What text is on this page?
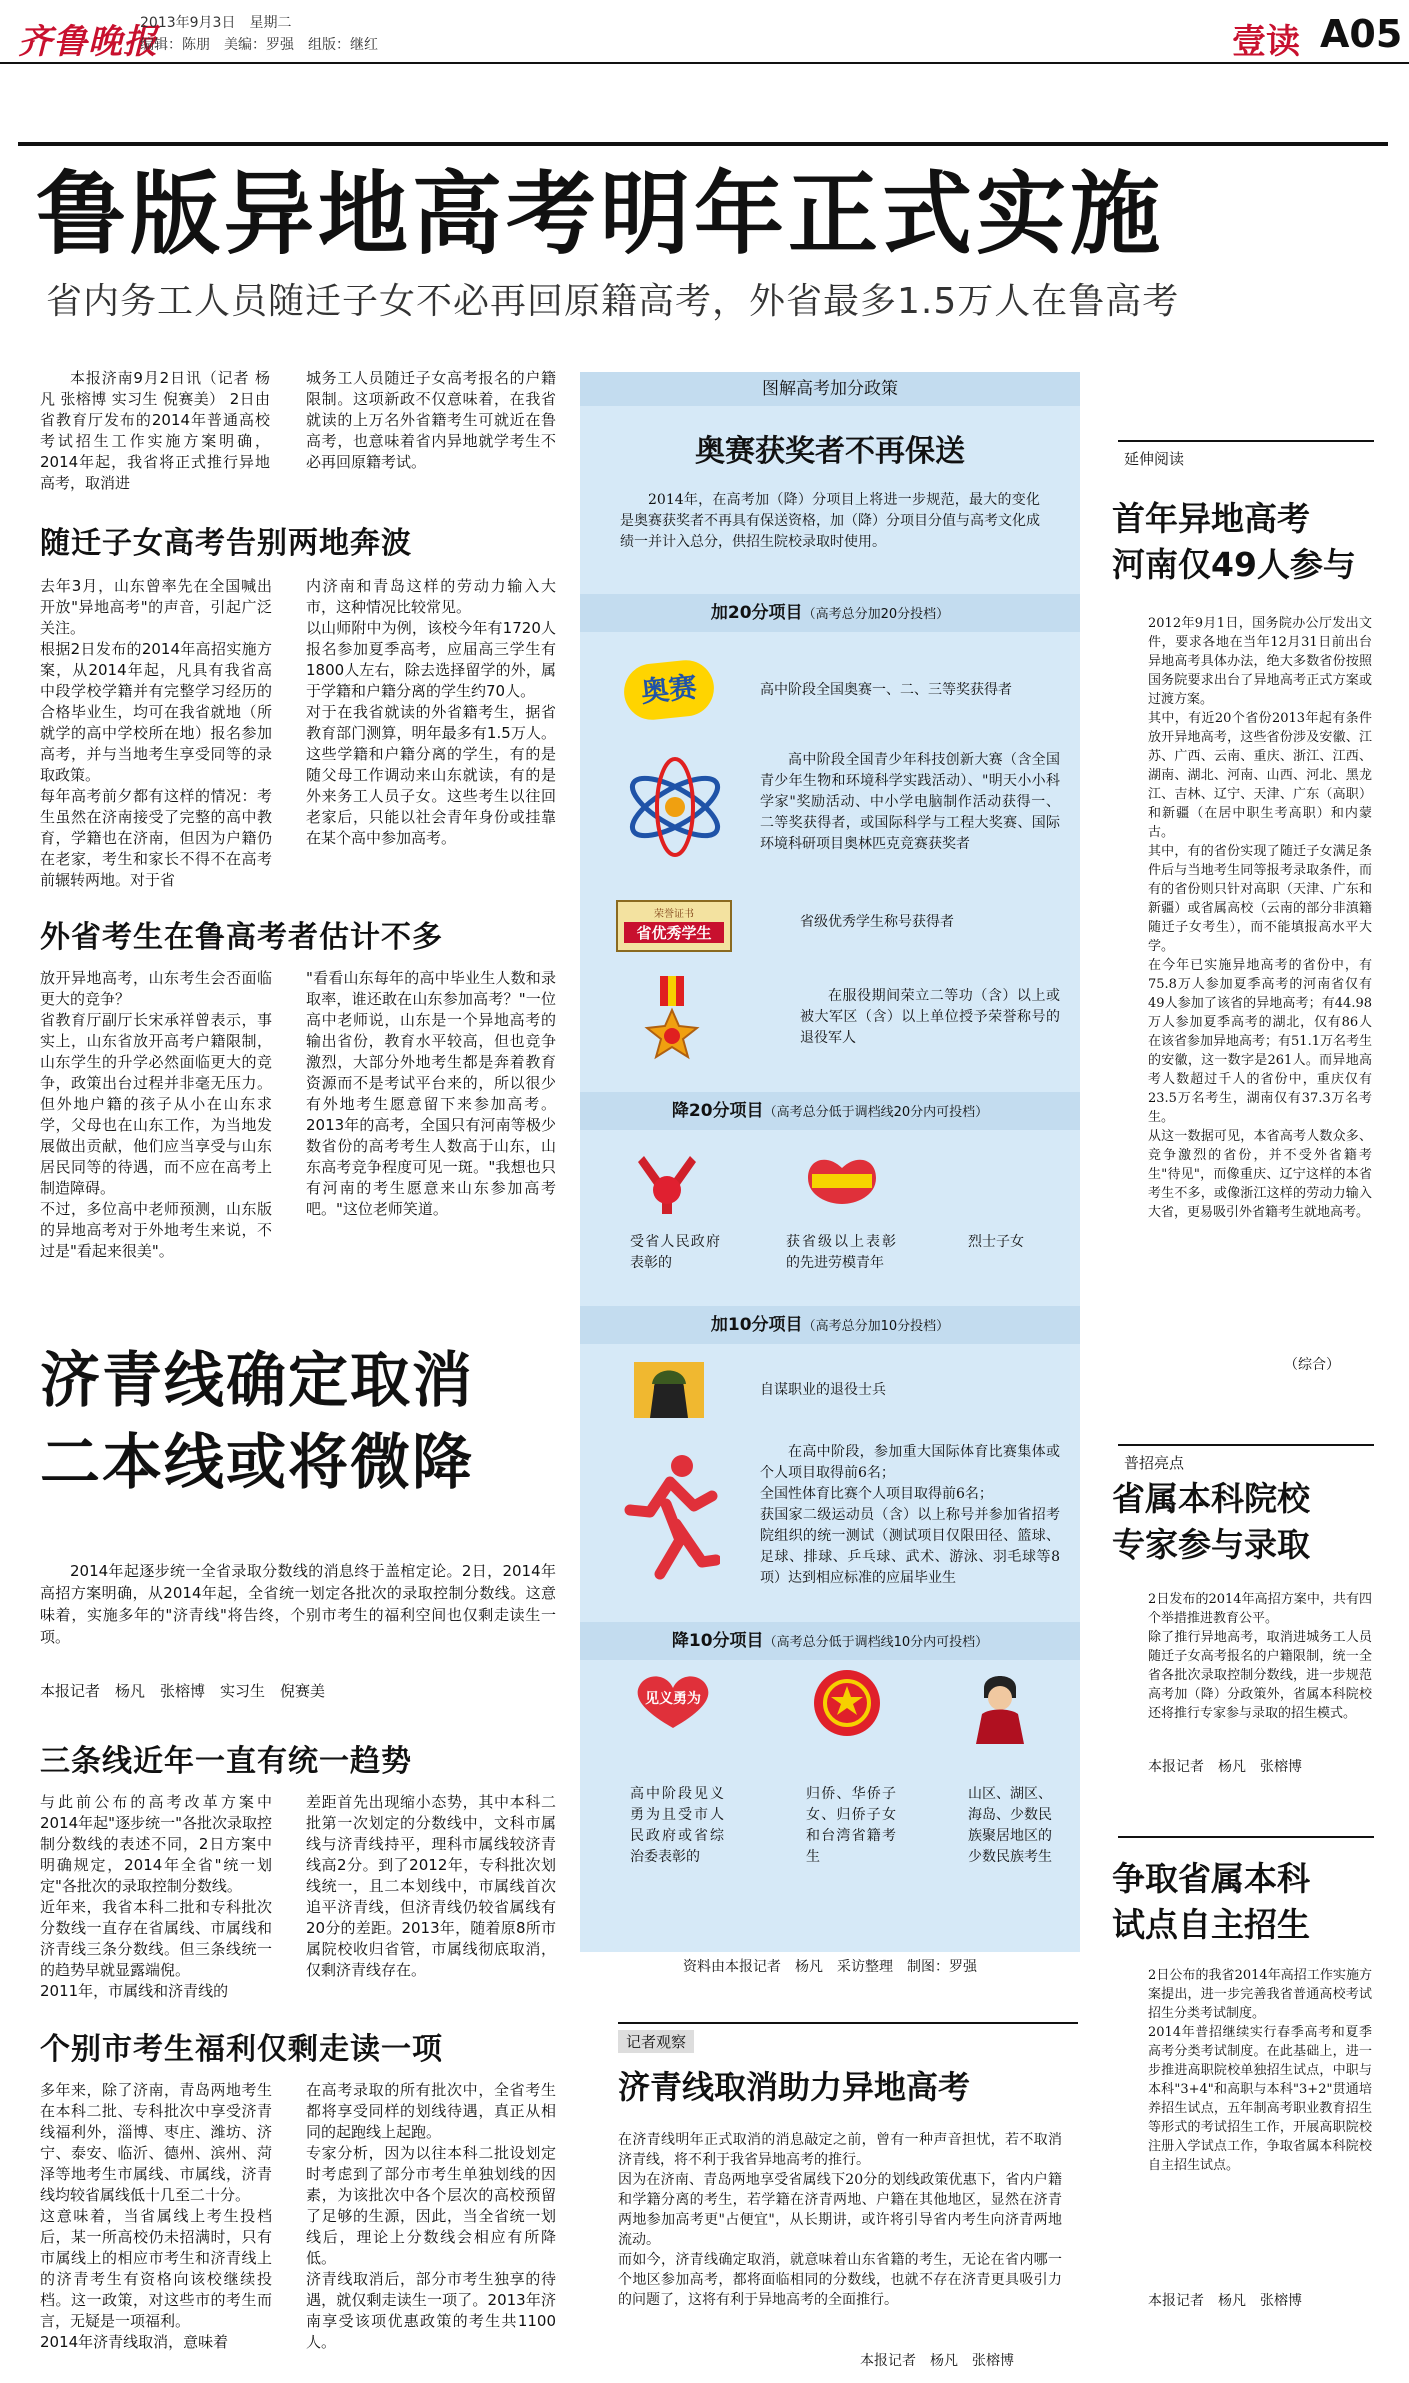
齐鲁晚报
2013年9月3日　 星期二
编辑：陈朋　 美编：罗强　 组版：继红	壹读 A05
鲁版异地高考明年正式实施
省内务工人员随迁子女不必再回原籍高考，外省最多1.5万人在鲁高考
本报济南9月2日讯（记者 杨凡 张榕博 实习生 倪赛美） 2日由省教育厅发布的2014年普通高校考试招生工作实施方案明确，2014年起，我省将正式推行异地高考，取消进
城务工人员随迁子女高考报名的户籍限制。这项新政不仅意味着，在我省就读的上万名外省籍考生可就近在鲁高考，也意味着省内异地就学考生不必再回原籍考试。
随迁子女高考告别两地奔波
去年3月，山东曾率先在全国喊出开放"异地高考"的声音，引起广泛关注。
根据2日发布的2014年高招实施方案，从2014年起，凡具有我省高中段学校学籍并有完整学习经历的合格毕业生，均可在我省就地（所就学的高中学校所在地）报名参加高考，并与当地考生享受同等的录取政策。
每年高考前夕都有这样的情况：考生虽然在济南接受了完整的高中教育，学籍也在济南，但因为户籍仍在老家，考生和家长不得不在高考前辗转两地。对于省
内济南和青岛这样的劳动力输入大市，这种情况比较常见。
以山师附中为例，该校今年有1720人报名参加夏季高考，应届高三学生有1800人左右，除去选择留学的外，属于学籍和户籍分离的学生约70人。
对于在我省就读的外省籍考生，据省教育部门测算，明年最多有1.5万人。这些学籍和户籍分离的学生，有的是随父母工作调动来山东就读，有的是外来务工人员子女。这些考生以往回老家后，只能以社会青年身份或挂靠在某个高中参加高考。
外省考生在鲁高考者估计不多
放开异地高考，山东考生会否面临更大的竞争？
省教育厅副厅长宋承祥曾表示，事实上，山东省放开高考户籍限制，山东学生的升学必然面临更大的竞争，政策出台过程并非毫无压力。但外地户籍的孩子从小在山东求学，父母也在山东工作，为当地发展做出贡献，他们应当享受与山东居民同等的待遇，而不应在高考上制造障碍。
不过，多位高中老师预测，山东版的异地高考对于外地考生来说，不过是"看起来很美"。
"看看山东每年的高中毕业生人数和录取率，谁还敢在山东参加高考？"一位高中老师说，山东是一个异地高考的输出省份，教育水平较高，但也竞争激烈，大部分外地考生都是奔着教育资源而不是考试平台来的，所以很少有外地考生愿意留下来参加高考。2013年的高考，全国只有河南等极少数省份的高考考生人数高于山东，山东高考竞争程度可见一斑。"我想也只有河南的考生愿意来山东参加高考吧。"这位老师笑道。
济青线确定取消
二本线或将微降
2014年起逐步统一全省录取分数线的消息终于盖棺定论。2日，2014年高招方案明确，从2014年起，全省统一划定各批次的录取控制分数线。这意味着，实施多年的"济青线"将告终，个别市考生的福利空间也仅剩走读生一项。
本报记者　杨凡　张榕博　实习生　倪赛美
三条线近年一直有统一趋势
与此前公布的高考改革方案中2014年起"逐步统一"各批次录取控制分数线的表述不同，2日方案中明确规定，2014年全省"统一划定"各批次的录取控制分数线。
近年来，我省本科二批和专科批次分数线一直存在省属线、市属线和济青线三条分数线。但三条线统一的趋势早就显露端倪。
2011年，市属线和济青线的
差距首先出现缩小态势，其中本科二批第一次划定的分数线中，文科市属线与济青线持平，理科市属线较济青线高2分。到了2012年，专科批次划线统一，且二本划线中，市属线首次追平济青线，但济青线仍较省属线有20分的差距。2013年，随着原8所市属院校收归省管，市属线彻底取消，仅剩济青线存在。
个别市考生福利仅剩走读一项
多年来，除了济南，青岛两地考生在本科二批、专科批次中享受济青线福利外，淄博、枣庄、潍坊、济宁、泰安、临沂、德州、滨州、菏泽等地考生市属线、市属线，济青线均较省属线低十几至二十分。
这意味着，当省属线上考生投档后，某一所高校仍未招满时，只有市属线上的相应市考生和济青线上的济青考生有资格向该校继续投档。这一政策，对这些市的考生而言，无疑是一项福利。
2014年济青线取消，意味着
在高考录取的所有批次中，全省考生都将享受同样的划线待遇，真正从相同的起跑线上起跑。
专家分析，因为以往本科二批设划定时考虑到了部分市考生单独划线的因素，为该批次中各个层次的高校预留了足够的生源，因此，当全省统一划线后，理论上分数线会相应有所降低。
济青线取消后，部分市考生独享的待遇，就仅剩走读生一项了。2013年济南享受该项优惠政策的考生共1100人。
图解高考加分政策
奥赛获奖者不再保送
2014年，在高考加（降）分项目上将进一步规范，最大的变化是奥赛获奖者不再具有保送资格，加（降）分项目分值与高考文化成绩一并计入总分，供招生院校录取时使用。
加20分项目（高考总分加20分投档）
奥赛	高中阶段全国奥赛一、二、三等奖获得者
高中阶段全国青少年科技创新大赛（含全国青少年生物和环境科学实践活动）、"明天小小科学家"奖励活动、中小学电脑制作活动获得一、二等奖获得者，或国际科学与工程大奖赛、国际环境科研项目奥林匹克竞赛获奖者
荣誉证书
省优秀学生
省级优秀学生称号获得者
在服役期间荣立二等功（含）以上或被大军区（含）以上单位授予荣誉称号的退役军人
降20分项目（高考总分低于调档线20分内可投档）
受省人民政府表彰的
获省级以上表彰的先进劳模青年
烈士子女
加10分项目（高考总分加10分投档）
自谋职业的退役士兵
在高中阶段，参加重大国际体育比赛集体或个人项目取得前6名；
全国性体育比赛个人项目取得前6名；
获国家二级运动员（含）以上称号并参加省招考院组织的统一测试（测试项目仅限田径、篮球、足球、排球、乒乓球、武术、游泳、羽毛球等8项）达到相应标准的应届毕业生
降10分项目（高考总分低于调档线10分内可投档）
见义勇为
高中阶段见义勇为且受市人民政府或省综治委表彰的
归侨、华侨子女、归侨子女和台湾省籍考生
山区、湖区、海岛、少数民族聚居地区的少数民族考生
资料由本报记者　杨凡　采访整理　制图：罗强
记者观察
济青线取消助力异地高考
在济青线明年正式取消的消息敲定之前，曾有一种声音担忧，若不取消济青线，将不利于我省异地高考的推行。
因为在济南、青岛两地享受省属线下20分的划线政策优惠下，省内户籍和学籍分离的考生，若学籍在济青两地、户籍在其他地区，显然在济青两地参加高考更"占便宜"，从长期讲，或许将引导省内考生向济青两地流动。
而如今，济青线确定取消，就意味着山东省籍的考生，无论在省内哪一个地区参加高考，都将面临相同的分数线，也就不存在济青更具吸引力的问题了，这将有利于异地高考的全面推行。
本报记者　杨凡　张榕博
延伸阅读
首年异地高考
河南仅49人参与
2012年9月1日，国务院办公厅发出文件，要求各地在当年12月31日前出台异地高考具体办法，绝大多数省份按照国务院要求出台了异地高考正式方案或过渡方案。
其中，有近20个省份2013年起有条件放开异地高考，这些省份涉及安徽、江苏、广西、云南、重庆、浙江、江西、湖南、湖北、河南、山西、河北、黑龙江、吉林、辽宁、天津、广东（高职）和新疆（在居中职生考高职）和内蒙古。
其中，有的省份实现了随迁子女满足条件后与当地考生同等报考录取条件，而有的省份则只针对高职（天津、广东和新疆）或省属高校（云南的部分非滇籍随迁子女考生），而不能填报高水平大学。
在今年已实施异地高考的省份中，有75.8万人参加夏季高考的河南省仅有49人参加了该省的异地高考；有44.98万人参加夏季高考的湖北，仅有86人在该省参加异地高考；有51.1万名考生的安徽，这一数字是261人。而异地高考人数超过千人的省份中，重庆仅有23.5万名考生，湖南仅有37.3万名考生。
从这一数据可见，本省高考人数众多、竞争激烈的省份，并不受外省籍考生"待见"，而像重庆、辽宁这样的本省考生不多，或像浙江这样的劳动力输入大省，更易吸引外省籍考生就地高考。
（综合）
普招亮点
省属本科院校
专家参与录取
2日发布的2014年高招方案中，共有四个举措推进教育公平。
除了推行异地高考，取消进城务工人员随迁子女高考报名的户籍限制，统一全省各批次录取控制分数线，进一步规范高考加（降）分政策外，省属本科院校还将推行专家参与录取的招生模式。
本报记者　杨凡　张榕博
争取省属本科
试点自主招生
2日公布的我省2014年高招工作实施方案提出，进一步完善我省普通高校考试招生分类考试制度。
2014年普招继续实行春季高考和夏季高考分类考试制度。在此基础上，进一步推进高职院校单独招生试点，中职与本科"3+4"和高职与本科"3+2"贯通培养招生试点，五年制高考职业教育招生等形式的考试招生工作，开展高职院校注册入学试点工作，争取省属本科院校自主招生试点。
本报记者　杨凡　张榕博
